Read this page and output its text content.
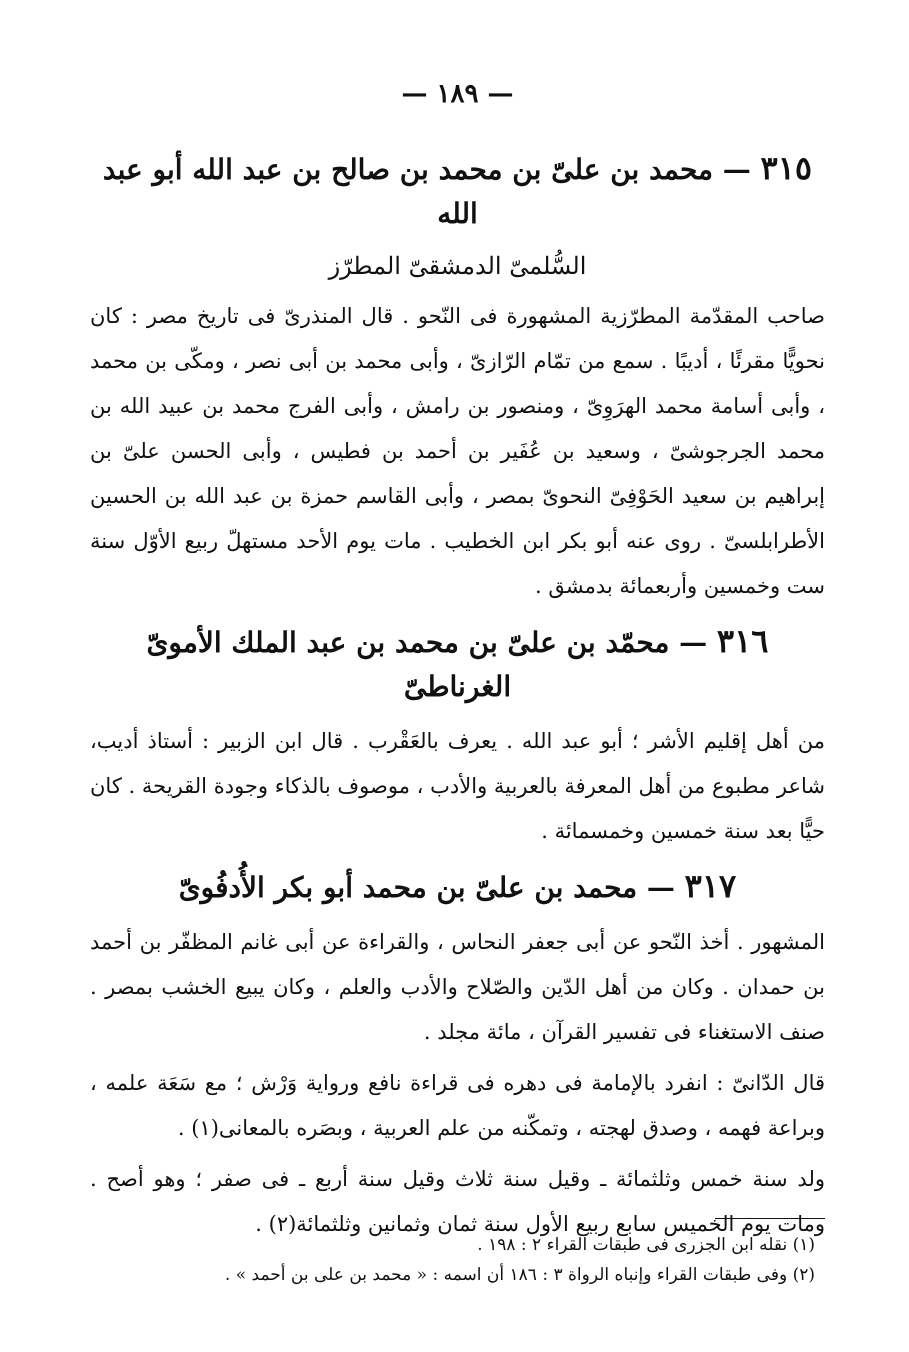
— ١٨٩ —
٣١٥ — محمد بن علىّ بن محمد بن صالح بن عبد الله أبو عبد الله
السُّلمىّ الدمشقىّ المطرّز

صاحب المقدّمة المطرّزية المشهورة فى النّحو . قال المنذرىّ فى تاريخ مصر : كان نحويًّا مقرئًا ، أديبًا . سمع من تمّام الرّازىّ ، وأبى محمد بن أبى نصر ، ومكّى بن محمد ، وأبى أسامة محمد الهرَوِىّ ، ومنصور بن رامش ، وأبى الفرج محمد بن عبيد الله بن محمد الجرجوشىّ ، وسعيد بن عُفَير بن أحمد بن فطيس ، وأبى الحسن علىّ بن إبراهيم بن سعيد الحَوْفِىّ النحوىّ بمصر ، وأبى القاسم حمزة بن عبد الله بن الحسين الأطرابلسىّ . روى عنه أبو بكر ابن الخطيب . مات يوم الأحد مستهلّ ربيع الأوّل سنة ست وخمسين وأربعمائة بدمشق .

٣١٦ — محمّد بن علىّ بن محمد بن عبد الملك الأموىّ الغرناطىّ

من أهل إقليم الأشر ؛ أبو عبد الله . يعرف بالعَقْرب . قال ابن الزبير : أستاذ أديب، شاعر مطبوع من أهل المعرفة بالعربية والأدب ، موصوف بالذكاء وجودة القريحة . كان حيًّا بعد سنة خمسين وخمسمائة .

٣١٧ — محمد بن علىّ بن محمد أبو بكر الأُدفُوىّ

المشهور . أخذ النّحو عن أبى جعفر النحاس ، والقراءة عن أبى غانم المظفّر بن أحمد بن حمدان . وكان من أهل الدّين والصّلاح والأدب والعلم ، وكان يبيع الخشب بمصر . صنف الاستغناء فى تفسير القرآن ، مائة مجلد .

قال الدّانىّ : انفرد بالإمامة فى دهره فى قراءة نافع ورواية وَرْش ؛ مع سَعَة علمه ، وبراعة فهمه ، وصدق لهجته ، وتمكّنه من علم العربية ، وبصَره بالمعانى(١) .

ولد سنة خمس وثلثمائة ـ وقيل سنة ثلاث وقيل سنة أربع ـ فى صفر ؛ وهو أصح . ومات يوم الخميس سابع ربيع الأول سنة ثمان وثمانين وثلثمائة(٢) .

(١) نقله ابن الجزرى فى طبقات القراء ٢ : ١٩٨ .
(٢) وفى طبقات القراء وإنباه الرواة ٣ : ١٨٦ أن اسمه : « محمد بن على بن أحمد » .
